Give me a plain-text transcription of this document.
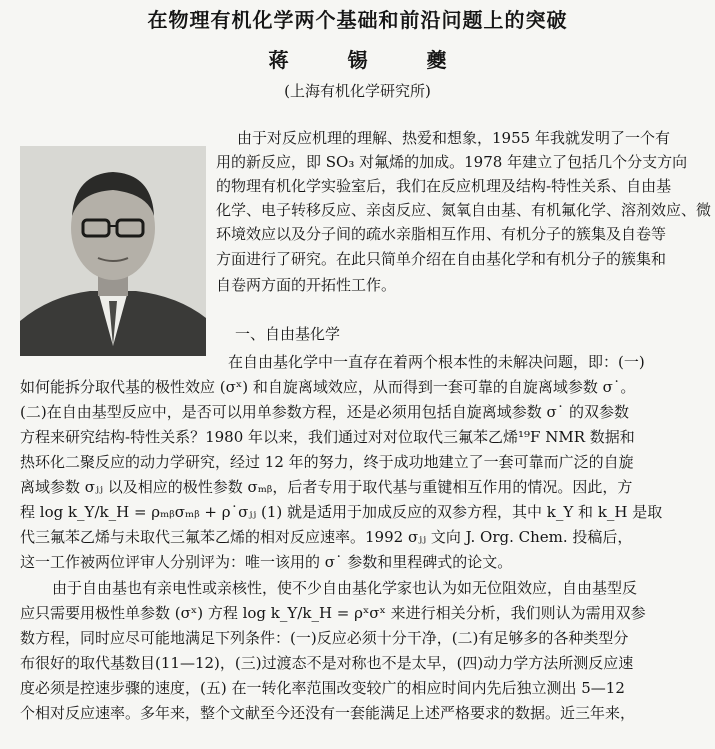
在物理有机化学两个基础和前沿问题上的突破
蒋 锡 夔
(上海有机化学研究所)
由于对反应机理的理解、热爱和想象，1955 年我就发明了一个有
用的新反应，即 SO₃ 对氟烯的加成。1978 年建立了包括几个分支方向
的物理有机化学实验室后，我们在反应机理及结构-特性关系、自由基
化学、电子转移反应、亲卤反应、氮氧自由基、有机氟化学、溶剂效应、微
环境效应以及分子间的疏水亲脂相互作用、有机分子的簇集及自卷等
方面进行了研究。在此只简单介绍在自由基化学和有机分子的簇集和
自卷两方面的开拓性工作。
一、自由基化学
在自由基化学中一直存在着两个根本性的未解决问题，即：(一)
如何能拆分取代基的极性效应 (σˣ) 和自旋离域效应，从而得到一套可靠的自旋离域参数 σ˙。
(二)在自由基型反应中，是否可以用单参数方程，还是必须用包括自旋离域参数 σ˙ 的双参数
方程来研究结构-特性关系？1980 年以来，我们通过对对位取代三氟苯乙烯¹⁹F NMR 数据和
热环化二聚反应的动力学研究，经过 12 年的努力，终于成功地建立了一套可靠而广泛的自旋
离域参数 σⱼⱼ 以及相应的极性参数 σₘᵦ，后者专用于取代基与重键相互作用的情况。因此，方
程 log k_Y/k_H = ρₘᵦσₘᵦ + ρ˙σⱼⱼ (1) 就是适用于加成反应的双参方程，其中 k_Y 和 k_H 是取
代三氟苯乙烯与未取代三氟苯乙烯的相对反应速率。1992 σⱼⱼ 文向 J. Org. Chem. 投稿后，
这一工作被两位评审人分别评为：唯一该用的 σ˙ 参数和里程碑式的论文。
由于自由基也有亲电性或亲核性，使不少自由基化学家也认为如无位阻效应，自由基型反
应只需要用极性单参数 (σˣ) 方程 log k_Y/k_H = ρˣσˣ 来进行相关分析，我们则认为需用双参
数方程，同时应尽可能地满足下列条件：(一)反应必须十分干净，(二)有足够多的各种类型分
布很好的取代基数目(11—12)，(三)过渡态不是对称也不是太早，(四)动力学方法所测反应速
度必须是控速步骤的速度，(五) 在一转化率范围改变较广的相应时间内先后独立测出 5—12
个相对反应速率。多年来，整个文献至今还没有一套能满足上述严格要求的数据。近三年来，
